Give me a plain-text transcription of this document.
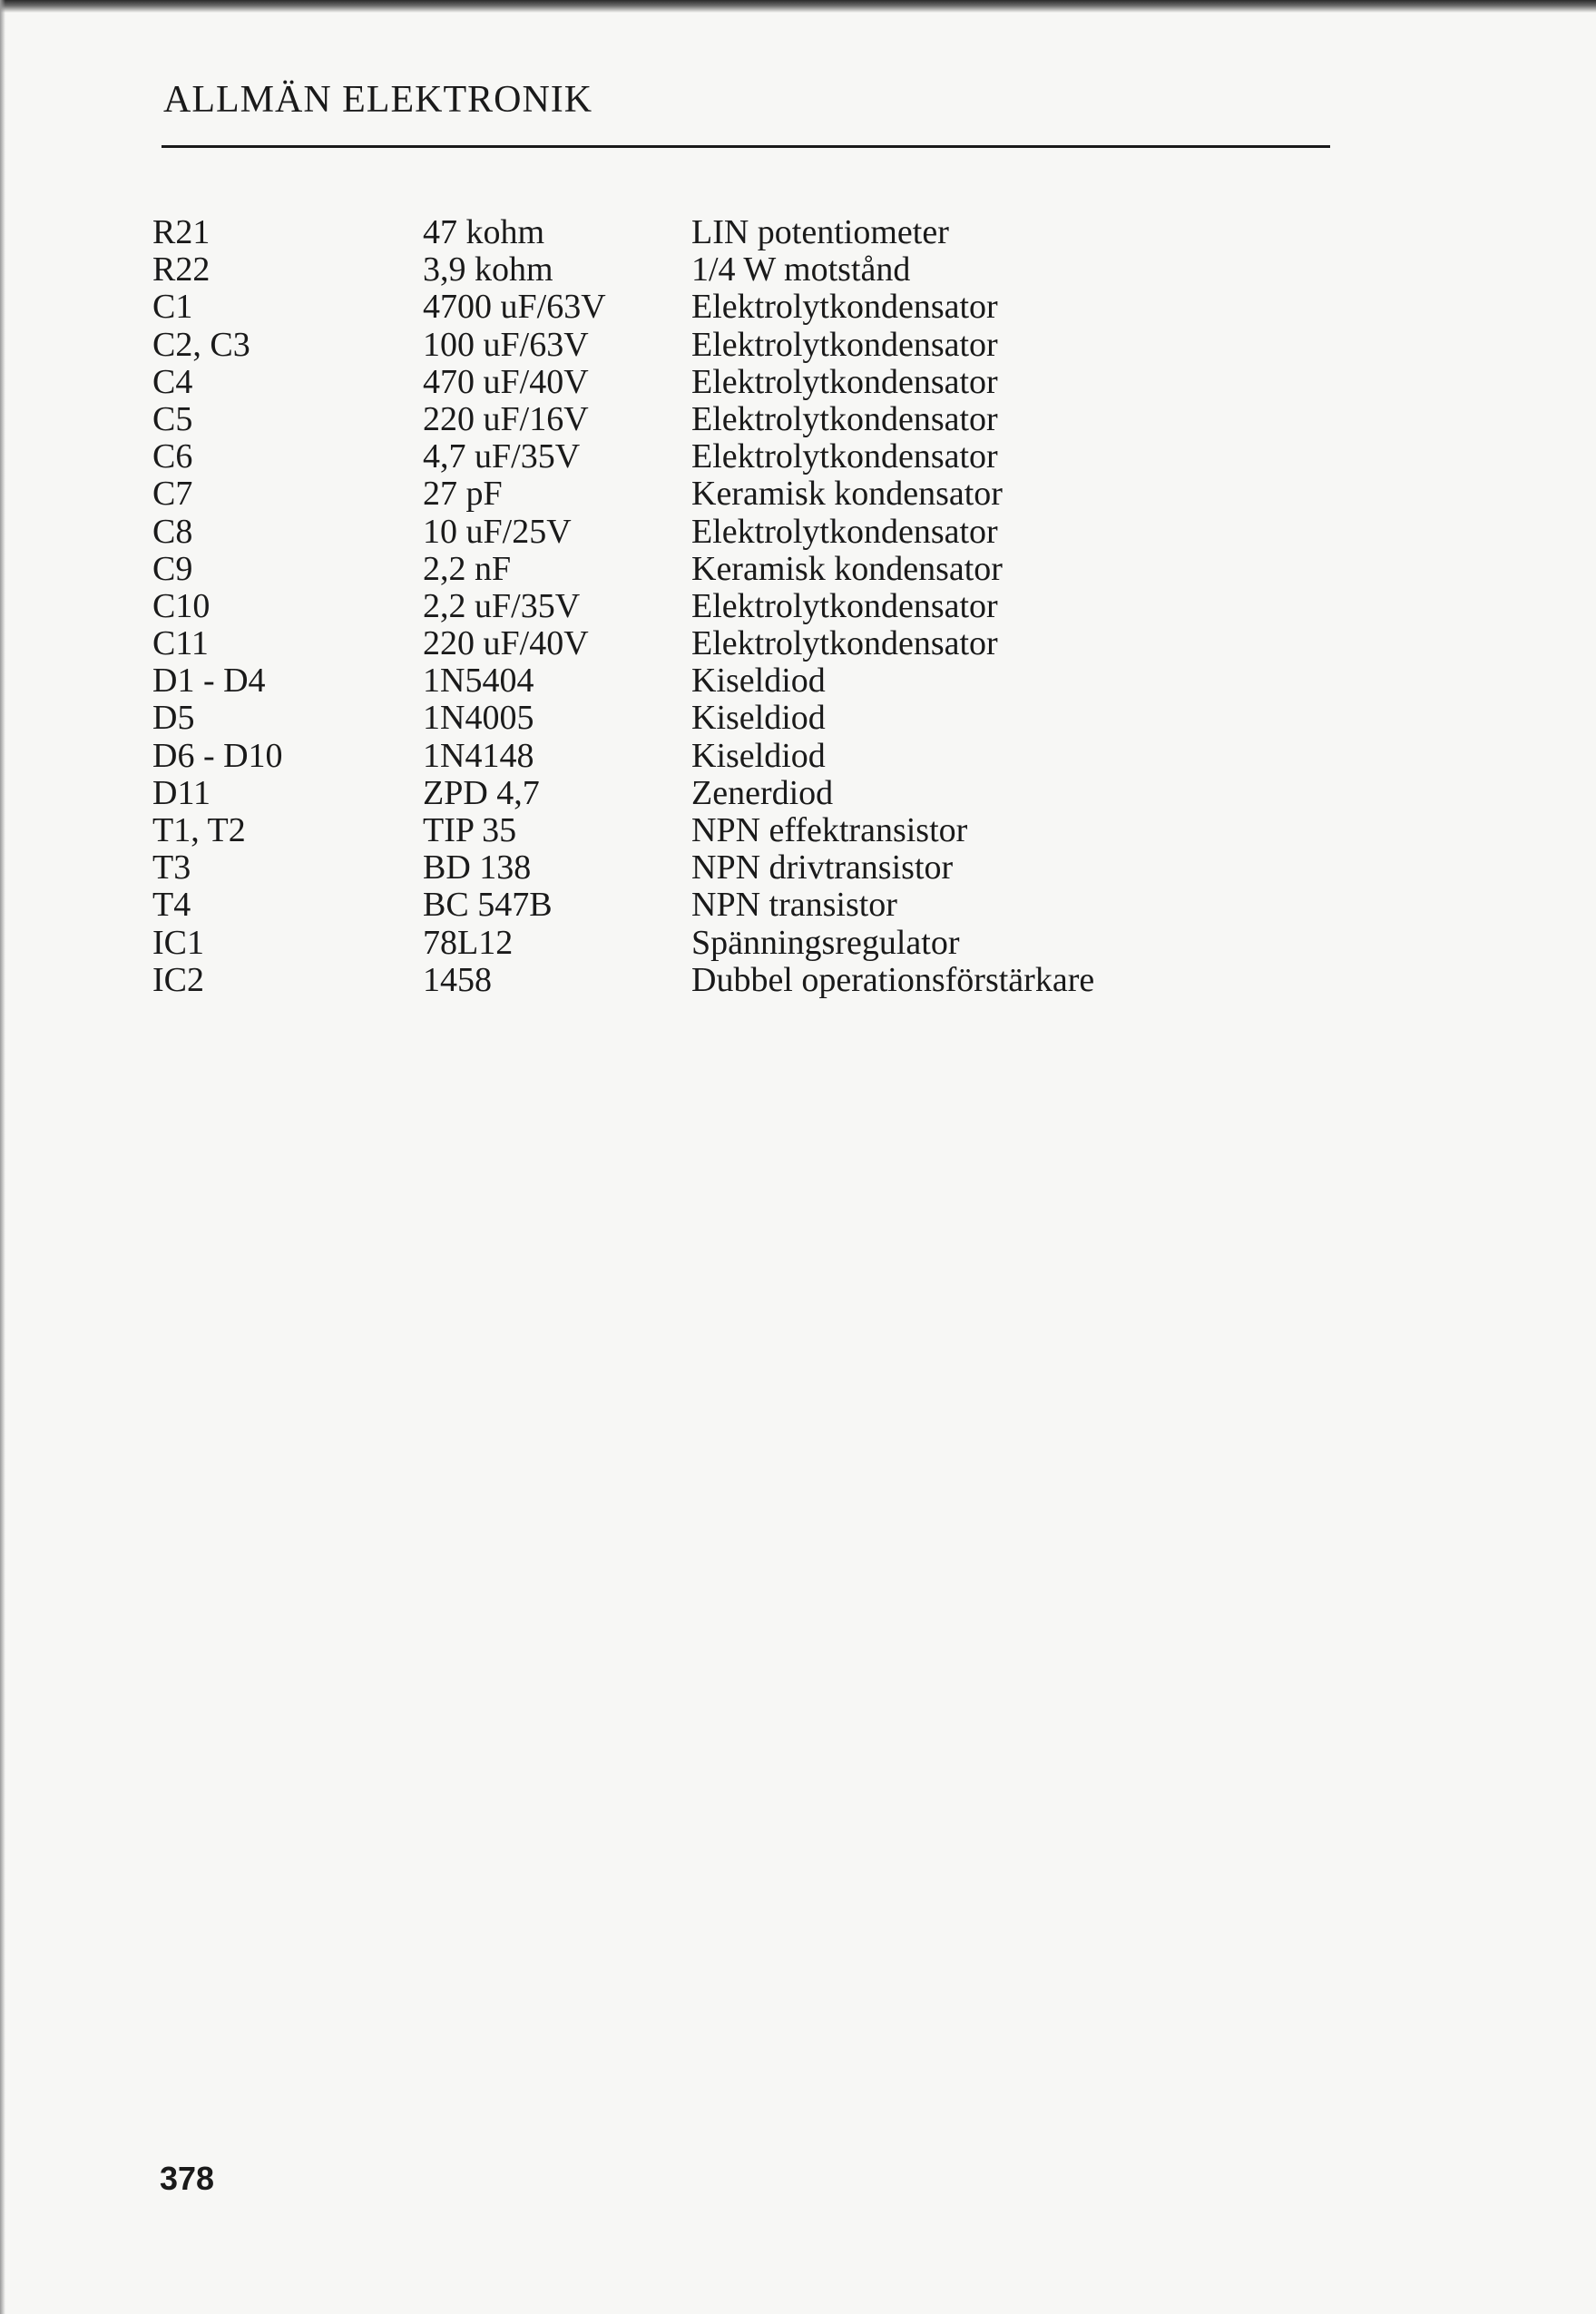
ALLMÄN ELEKTRONIK
R21	47 kohm	LIN potentiometer
R22	3,9 kohm	1/4 W motstånd
C1	4700 uF/63V	Elektrolytkondensator
C2, C3	100 uF/63V	Elektrolytkondensator
C4	470 uF/40V	Elektrolytkondensator
C5	220 uF/16V	Elektrolytkondensator
C6	4,7 uF/35V	Elektrolytkondensator
C7	27 pF	Keramisk kondensator
C8	10 uF/25V	Elektrolytkondensator
C9	2,2 nF	Keramisk kondensator
C10	2,2 uF/35V	Elektrolytkondensator
C11	220 uF/40V	Elektrolytkondensator
D1 - D4	1N5404	Kiseldiod
D5	1N4005	Kiseldiod
D6 - D10	1N4148	Kiseldiod
D11	ZPD 4,7	Zenerdiod
T1, T2	TIP 35	NPN effektransistor
T3	BD 138	NPN drivtransistor
T4	BC 547B	NPN transistor
IC1	78L12	Spänningsregulator
IC2	1458	Dubbel operationsförstärkare
378
